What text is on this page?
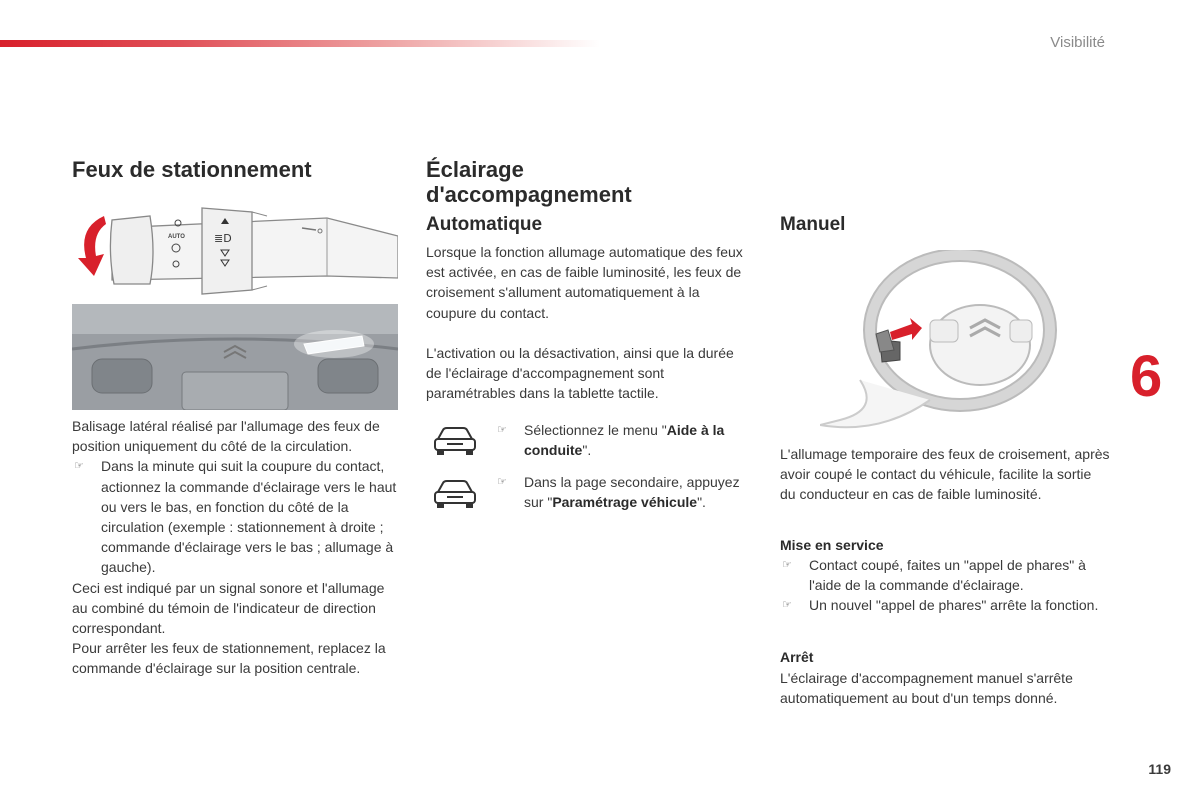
Visibilité
Feux de stationnement
AUTO	≣D
Balisage latéral réalisé par l'allumage des feux de position uniquement du côté de la circulation.
☞ Dans la minute qui suit la coupure du contact, actionnez la commande d'éclairage vers le haut ou vers le bas, en fonction du côté de la circulation (exemple : stationnement à droite ; commande d'éclairage vers le bas ; allumage à gauche).
Ceci est indiqué par un signal sonore et l'allumage au combiné du témoin de l'indicateur de direction correspondant.
Pour arrêter les feux de stationnement, replacez la commande d'éclairage sur la position centrale.
Éclairage d'accompagnement
Automatique
Lorsque la fonction allumage automatique des feux est activée, en cas de faible luminosité, les feux de croisement s'allument automatiquement à la coupure du contact.
L'activation ou la désactivation, ainsi que la durée de l'éclairage d'accompagnement sont paramétrables dans la tablette tactile.
☞ Sélectionnez le menu "Aide à la conduite".
☞ Dans la page secondaire, appuyez sur "Paramétrage véhicule".
Manuel
L'allumage temporaire des feux de croisement, après avoir coupé le contact du véhicule, facilite la sortie du conducteur en cas de faible luminosité.
Mise en service
☞ Contact coupé, faites un "appel de phares" à l'aide de la commande d'éclairage.
☞ Un nouvel "appel de phares" arrête la fonction.
Arrêt
L'éclairage d'accompagnement manuel s'arrête automatiquement au bout d'un temps donné.
6
119
